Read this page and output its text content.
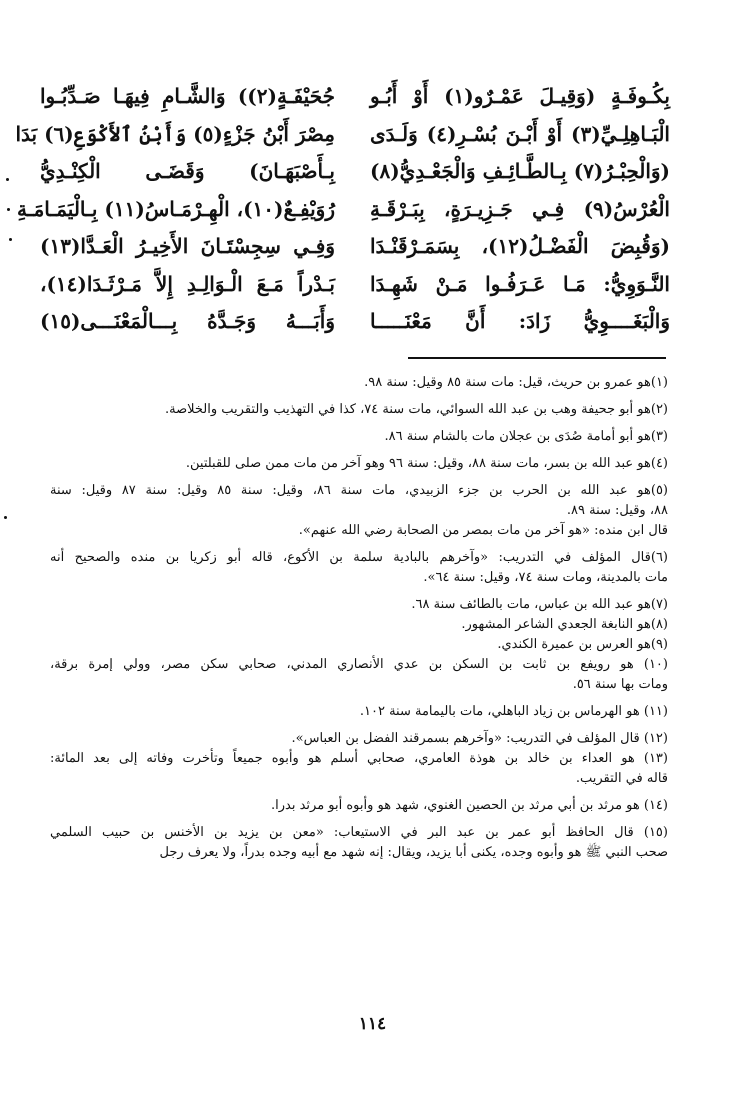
بِكُـوفَـةٍ (وَقِيـلَ عَمْـرٌو(١) أَوْ أَبُـو
جُحَيْفَـةٍ(٢)) وَالشَّـامِ فِيهَـا صَـدِّبُـوا
الْبَـاهِلِـيِّ(٣) أَوْ أَبْـنَ بُسْـرِ(٤) وَلَـدَى
مِصْرَ أَبْنُ جَزْءٍ(٥) وَأَبْنُ ٱلأَكْوَعِ(٦) بَدَا
(وَالْحِبْـرُ(٧) بِـالطَّـائِـفِ وَالْجَعْـدِيُّ(٨)
بِـأَصْبَهَـانَ) وَقَضَـى الْكِنْـدِيُّ
الْعُرْسُ(٩) فِـي جَـزِيـرَةٍ، بِبَـرْقَـةِ
رُوَيْفِـعٌ(١٠)، الْهِـرْمَـاسُ(١١) بِـالْيَمَـامَـةِ
(وَقُبِضَ الْفَضْـلُ(١٢)، بِسَمَـرْقَنْـدَا
وَفِـي سِجِسْتَـانَ الأَخِيـرُ الْعَـدَّا(١٣)
النَّـوَوِيُّ: مَـا عَـرَفُـوا مَـنْ شَهِـدَا
بَـدْراً مَـعَ الْـوَالِـدِ إِلاَّ مَـرْثَـدَا(١٤)،
وَالْبَغَــــوِيُّ زَادَ: أَنَّ مَعْنَـــــا
وَأَبَـــهُ وَجَـدَّهُ بِـــالْمَعْنَـــى(١٥)
(١)هو عمرو بن حريث، قيل: مات سنة ٨٥ وقيل: سنة ٩٨.
(٢)هو أبو جحيفة وهب بن عبد الله السوائي، مات سنة ٧٤، كذا في التهذيب والتقريب والخلاصة.
(٣)هو أبو أمامة صُدَى بن عجلان مات بالشام سنة ٨٦.
(٤)هو عبد الله بن بسر، مات سنة ٨٨، وقيل: سنة ٩٦ وهو آخر من مات ممن صلى للقبلتين.
(٥)هو عبد الله بن الحرب بن جزء الزبيدي، مات سنة ٨٦، وقيل: سنة ٨٥ وقيل: سنة ٨٧ وقيل: سنة
٨٨، وقيل: سنة ٨٩.
قال ابن منده: «هو آخر من مات بمصر من الصحابة رضي الله عنهم».
(٦)قال المؤلف في التدريب: «وآخرهم بالبادية سلمة بن الأكوع، قاله أبو زكريا بن منده والصحيح أنه
مات بالمدينة، ومات سنة ٧٤، وقيل: سنة ٦٤».
(٧)هو عبد الله بن عباس، مات بالطائف سنة ٦٨.
(٨)هو النابغة الجعدي الشاعر المشهور.
(٩)هو العرس بن عميرة الكندي.
(١٠) هو رويفع بن ثابت بن السكن بن عدي الأنصاري المدني، صحابي سكن مصر، وولي إمرة برقة،
ومات بها سنة ٥٦.
(١١) هو الهرماس بن زياد الباهلي، مات باليمامة سنة ١٠٢.
(١٢) قال المؤلف في التدريب: «وآخرهم بسمرقند الفضل بن العباس».
(١٣) هو العداء بن خالد بن هوذة العامري، صحابي أسلم هو وأبوه جميعاً وتأخرت وفاته إلى بعد المائة:
قاله في التقريب.
(١٤) هو مرثد بن أبي مرثد بن الحصين الغنوي، شهد هو وأبوه أبو مرثد بدرا.
(١٥) قال الحافظ أبو عمر بن عبد البر في الاستيعاب: «معن بن يزيد بن الأخنس بن حبيب السلمي
صحب النبي ﷺ هو وأبوه وجده، يكنى أبا يزيد، ويقال: إنه شهد مع أبيه وجده بدراً، ولا يعرف رجل
١١٤
